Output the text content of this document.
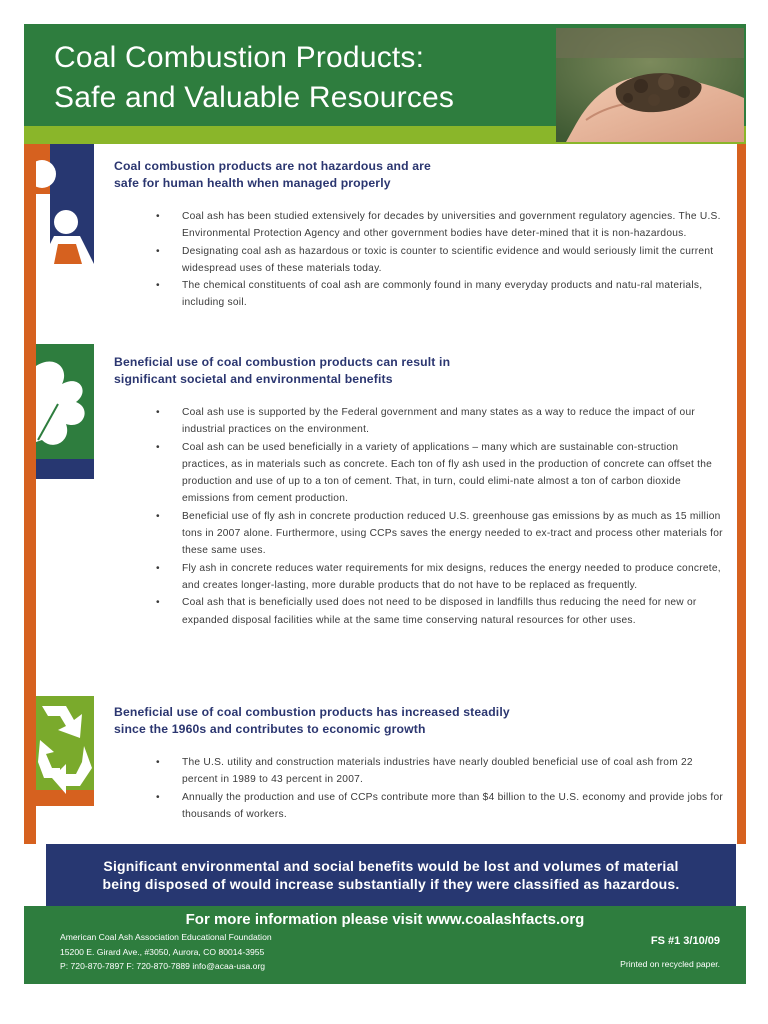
Coal Combustion Products:
Safe and Valuable Resources
Coal combustion products are not hazardous and are
safe for human health when managed properly
• Coal ash has been studied extensively for decades by universities and government regulatory agencies. The U.S. Environmental Protection Agency and other government bodies have deter-mined that it is non-hazardous.
• Designating coal ash as hazardous or toxic is counter to scientific evidence and would seriously limit the current widespread uses of these materials today.
• The chemical constituents of coal ash are commonly found in many everyday products and natu-ral materials, including soil.
Beneficial use of coal combustion products can result in
significant societal and environmental benefits
• Coal ash use is supported by the Federal government and many states as a way to reduce the impact of our industrial practices on the environment.
• Coal ash can be used beneficially in a variety of applications – many which are sustainable con-struction practices, as in materials such as concrete. Each ton of fly ash used in the production of concrete can offset the production and use of up to a ton of cement. That, in turn, could elimi-nate almost a ton of carbon dioxide emissions from cement production.
• Beneficial use of fly ash in concrete production reduced U.S. greenhouse gas emissions by as much as 15 million tons in 2007 alone. Furthermore, using CCPs saves the energy needed to ex-tract and process other materials for these same uses.
• Fly ash in concrete reduces water requirements for mix designs, reduces the energy needed to produce concrete, and creates longer-lasting, more durable products that do not have to be replaced as frequently.
• Coal ash that is beneficially used does not need to be disposed in landfills thus reducing the need for new or expanded disposal facilities while at the same time conserving natural resources for other uses.
Beneficial use of coal combustion products has increased steadily
since the 1960s and contributes to economic growth
• The U.S. utility and construction materials industries have nearly doubled beneficial use of coal ash from 22 percent in 1989 to 43 percent in 2007.
• Annually the production and use of CCPs contribute more than $4 billion to the U.S. economy and provide jobs for thousands of workers.

Significant environmental and social benefits would be lost and volumes of material
being disposed of would increase substantially if they were classified as hazardous.

For more information please visit www.coalashfacts.org
American Coal Ash Association Educational Foundation
15200 E. Girard Ave., #3050, Aurora, CO 80014-3955
P: 720-870-7897 F: 720-870-7889 info@acaa-usa.org
FS #1 3/10/09
Printed on recycled paper.
